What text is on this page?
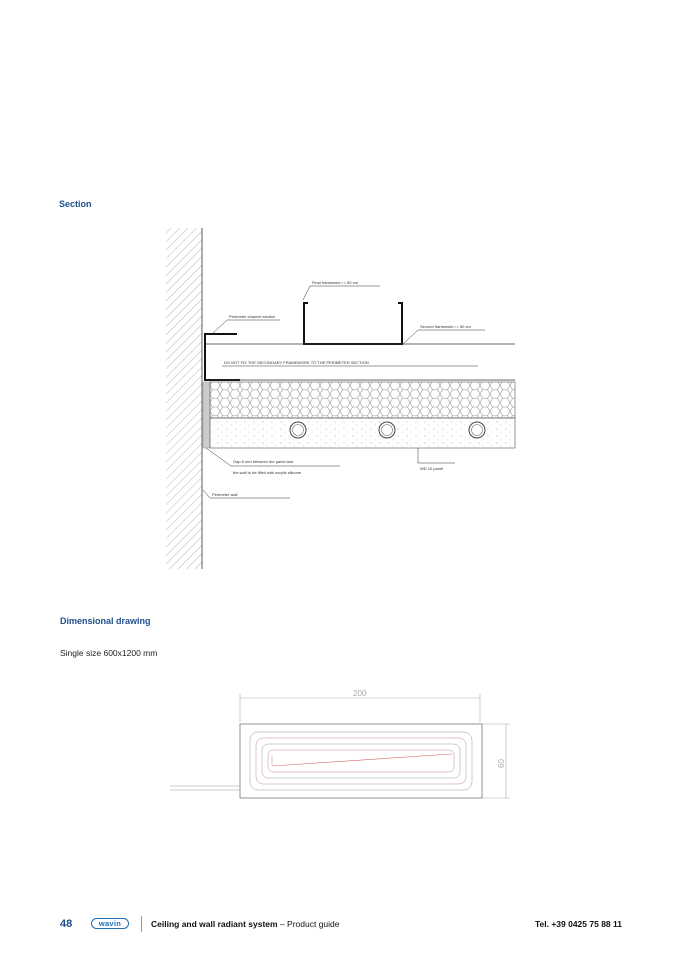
Section
Final framework i = 50 cm
Perimeter channel section
Second framework i = 50 cm
DO NOT FIX THE SECONDARY FRAMEWORK TO THE PERIMETER SECTION
Gap 5 mm between the panel and
the wall to be filled with acrylic silicone
WD 10 panel
Perimeter wall
200
60
Dimensional drawing
Single size 600x1200 mm
48	wavin	Ceiling and wall radiant system – Product guide	Tel. +39 0425 75 88 11
